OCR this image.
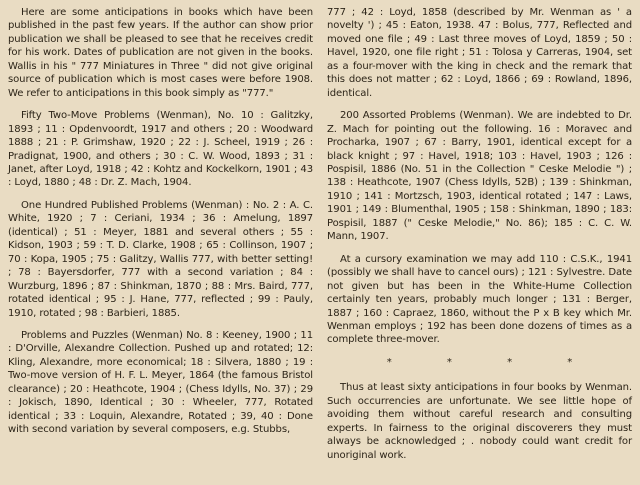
Here are some anticipations in books which have been published in the past few years. If the author can show prior publication we shall be pleased to see that he receives credit for his work. Dates of publication are not given in the books. Wallis in his " 777 Miniatures in Three " did not give original source of publication which is most cases were before 1908. We refer to anticipations in this book simply as "777."

Fifty Two-Move Problems (Wenman), No. 10 : Galitzky, 1893 ; 11 : Opdenvoordt, 1917 and others ; 20 : Woodward 1888 ; 21 : P. Grimshaw, 1920 ; 22 : J. Scheel, 1919 ; 26 : Pradignat, 1900, and others ; 30 : C. W. Wood, 1893 ; 31 : Janet, after Loyd, 1918 ; 42 : Kohtz and Kockelkorn, 1901 ; 43 : Loyd, 1880 ; 48 : Dr. Z. Mach, 1904.

One Hundred Published Problems (Wenman) : No. 2 : A. C. White, 1920 ; 7 : Ceriani, 1934 ; 36 : Amelung, 1897 (identical) ; 51 : Meyer, 1881 and several others ; 55 : Kidson, 1903 ; 59 : T. D. Clarke, 1908 ; 65 : Collinson, 1907 ; 70 : Kopa, 1905 ; 75 : Galitzy, Wallis 777, with better setting! ; 78 : Bayersdorfer, 777 with a second variation ; 84 : Wurzburg, 1896 ; 87 : Shinkman, 1870 ; 88 : Mrs. Baird, 777, rotated identical ; 95 : J. Hane, 777, reflected ; 99 : Pauly, 1910, rotated ; 98 : Barbieri, 1885.

Problems and Puzzles (Wenman) No. 8 : Keeney, 1900 ; 11 : D'Orville, Alexandre Collection. Pushed up and rotated; 12: Kling, Alexandre, more economical; 18 : Silvera, 1880 ; 19 : Two-move version of H. F. L. Meyer, 1864 (the famous Bristol clearance) ; 20 : Heathcote, 1904 ; (Chess Idylls, No. 37) ; 29 : Jokisch, 1890, Identical ; 30 : Wheeler, 777, Rotated identical ; 33 : Loquin, Alexandre, Rotated ; 39, 40 : Done with second variation by several composers, e.g. Stubbs,

777 ; 42 : Loyd, 1858 (described by Mr. Wenman as ' a novelty ') ; 45 : Eaton, 1938. 47 : Bolus, 777, Reflected and moved one file ; 49 : Last three moves of Loyd, 1859 ; 50 : Havel, 1920, one file right ; 51 : Tolosa y Carreras, 1904, set as a four-mover with the king in check and the remark that this does not matter ; 62 : Loyd, 1866 ; 69 : Rowland, 1896, identical.

200 Assorted Problems (Wenman). We are indebted to Dr. Z. Mach for pointing out the following. 16 : Moravec and Procharka, 1907 ; 67 : Barry, 1901, identical except for a black knight ; 97 : Havel, 1918; 103 : Havel, 1903 ; 126 : Pospisil, 1886 (No. 51 in the Collection " Ceske Melodie ") ; 138 : Heathcote, 1907 (Chess Idylls, 52B) ; 139 : Shinkman, 1910 ; 141 : Mortzsch, 1903, identical rotated ; 147 : Laws, 1901 ; 149 : Blumenthal, 1905 ; 158 : Shinkman, 1890 ; 183: Pospisil, 1887 (" Ceske Melodie," No. 86); 185 : C. C. W. Mann, 1907.

At a cursory examination we may add 110 : C.S.K., 1941 (possibly we shall have to cancel ours) ; 121 : Sylvestre. Date not given but has been in the White-Hume Collection certainly ten years, probably much longer ; 131 : Berger, 1887 ; 160 : Capraez, 1860, without the P x B key which Mr. Wenman employs ; 192 has been done dozens of times as a complete three-mover.

* * * *

Thus at least sixty anticipations in four books by Wenman. Such occurrencies are unfortunate. We see little hope of avoiding them without careful research and consulting experts. In fairness to the original discoverers they must always be acknowledged ; . nobody could want credit for unoriginal work.
